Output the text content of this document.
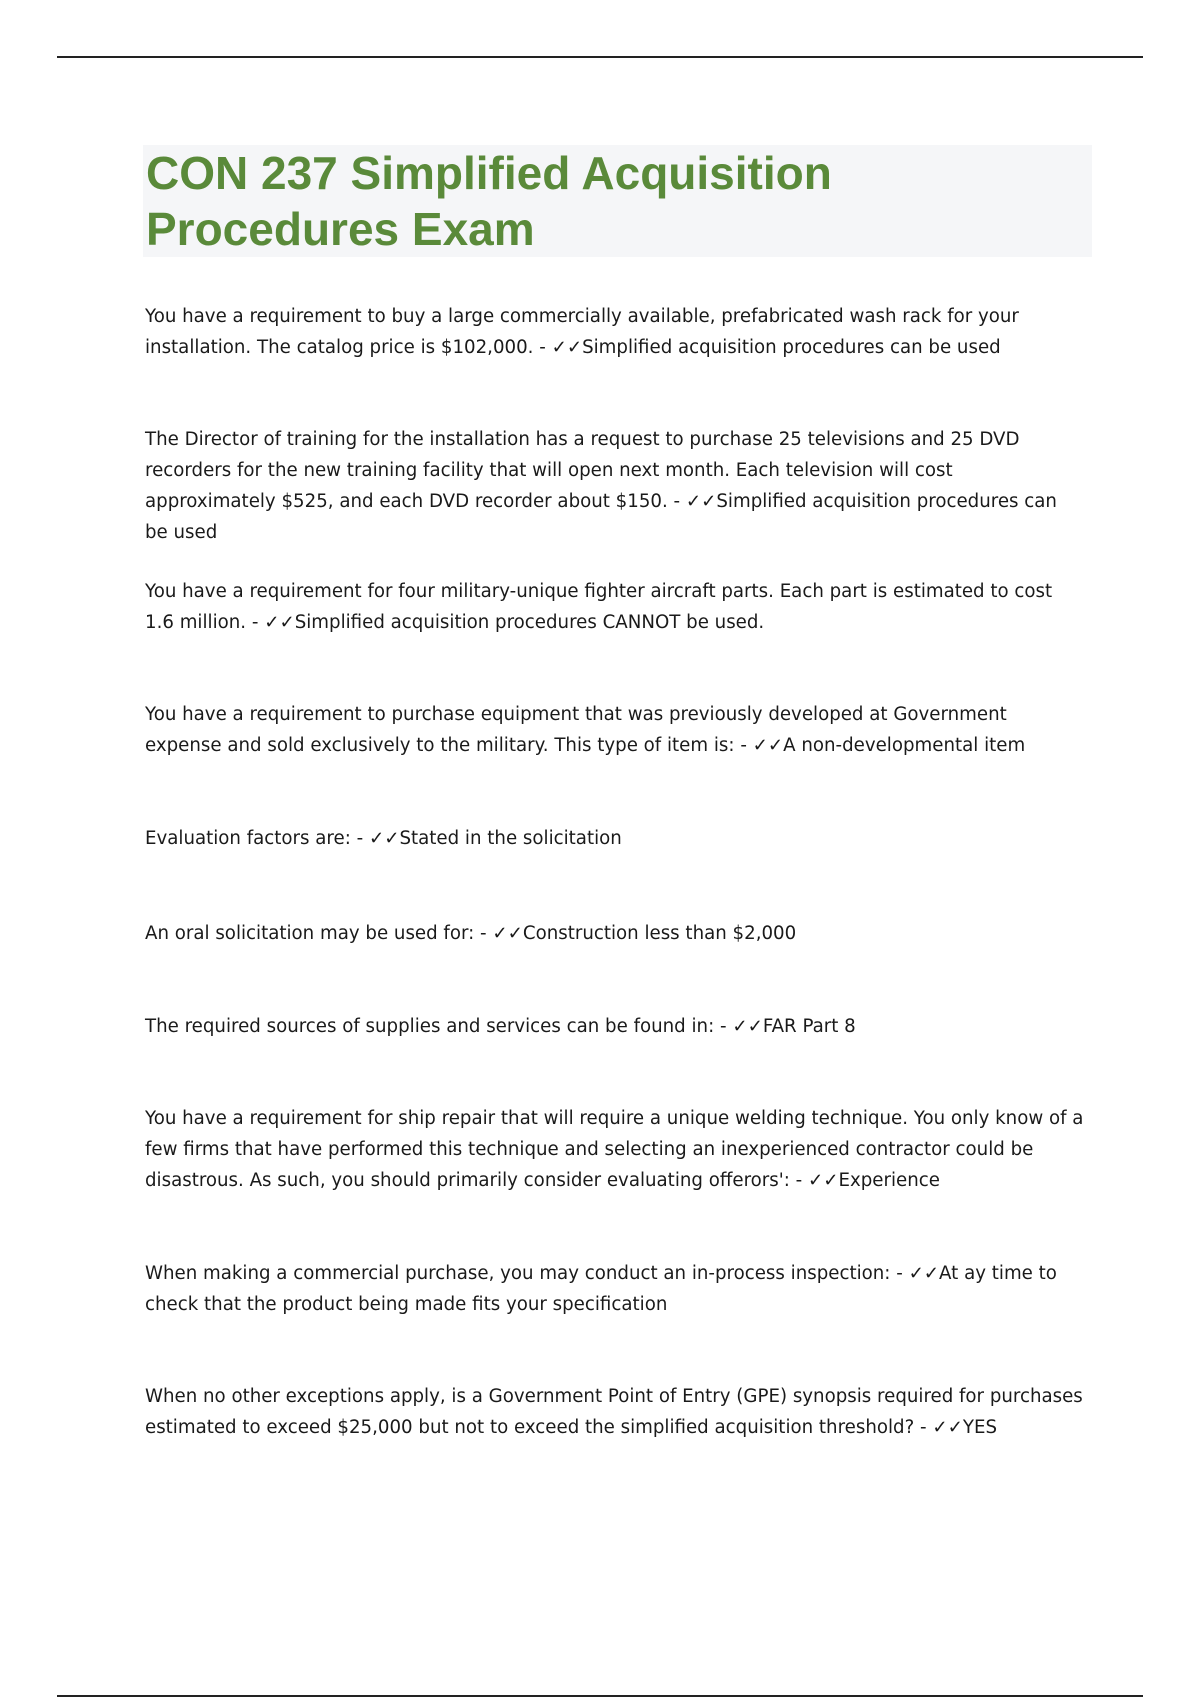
CON 237 Simplified Acquisition
Procedures Exam

You have a requirement to buy a large commercially available, prefabricated wash rack for your installation. The catalog price is $102,000. - ✓✓Simplified acquisition procedures can be used

The Director of training for the installation has a request to purchase 25 televisions and 25 DVD recorders for the new training facility that will open next month. Each television will cost approximately $525, and each DVD recorder about $150. - ✓✓Simplified acquisition procedures can be used

You have a requirement for four military-unique fighter aircraft parts. Each part is estimated to cost 1.6 million. - ✓✓Simplified acquisition procedures CANNOT be used.

You have a requirement to purchase equipment that was previously developed at Government expense and sold exclusively to the military. This type of item is: - ✓✓A non-developmental item

Evaluation factors are: - ✓✓Stated in the solicitation

An oral solicitation may be used for: - ✓✓Construction less than $2,000

The required sources of supplies and services can be found in: - ✓✓FAR Part 8

You have a requirement for ship repair that will require a unique welding technique. You only know of a few firms that have performed this technique and selecting an inexperienced contractor could be disastrous. As such, you should primarily consider evaluating offerors': - ✓✓Experience

When making a commercial purchase, you may conduct an in-process inspection: - ✓✓At ay time to check that the product being made fits your specification

When no other exceptions apply, is a Government Point of Entry (GPE) synopsis required for purchases estimated to exceed $25,000 but not to exceed the simplified acquisition threshold? - ✓✓YES
